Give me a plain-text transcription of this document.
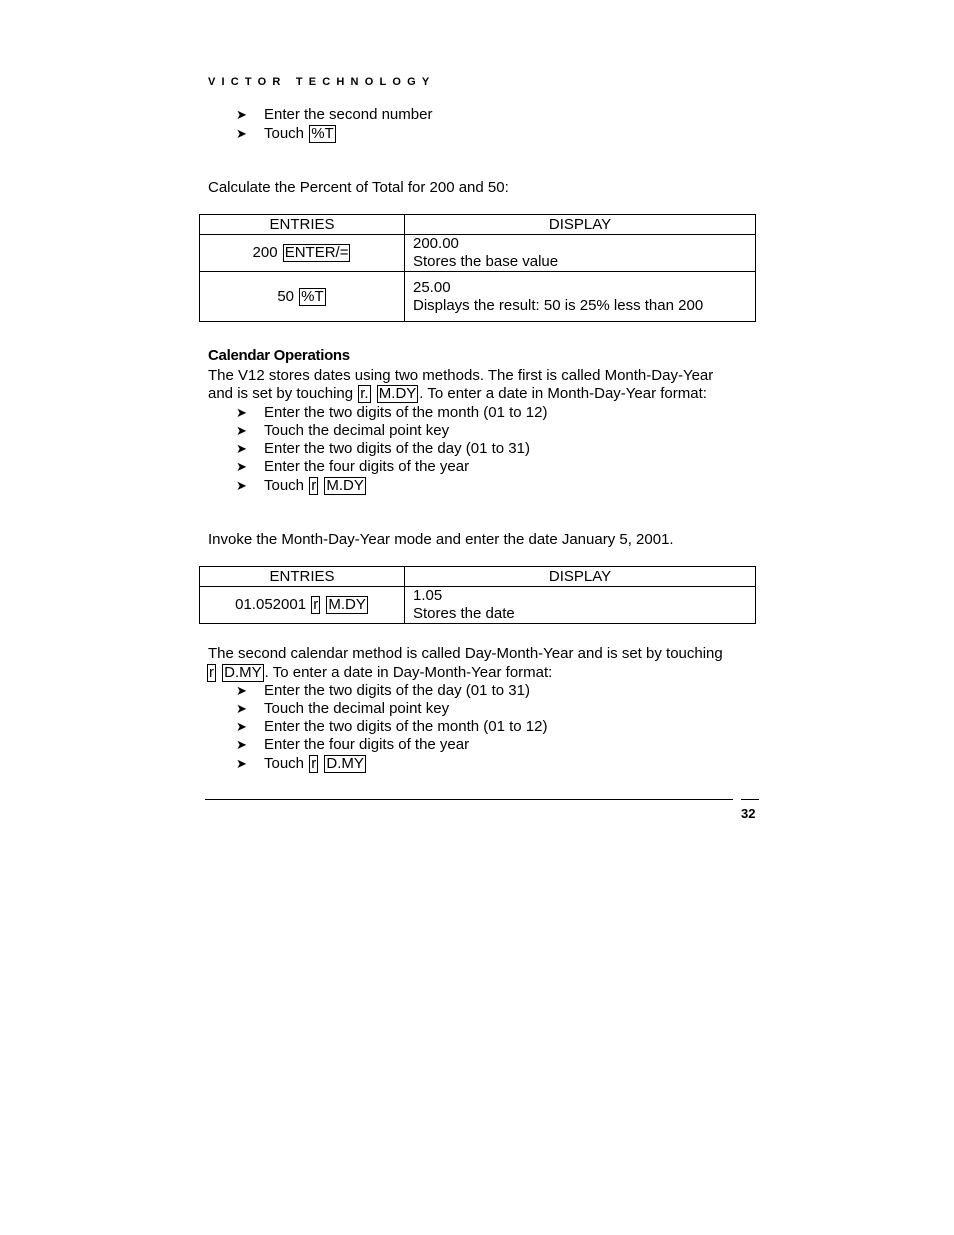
VICTOR TECHNOLOGY
➤ Enter the second number
➤ Touch %T
Calculate the Percent of Total for 200 and 50:
ENTRIES	DISPLAY
200 ENTER/=	200.00
Stores the base value

50 %T	25.00
Displays the result: 50 is 25% less than 200
Calendar Operations
The V12 stores dates using two methods. The first is called Month-Day-Year
and is set by touching r. M.DY . To enter a date in Month-Day-Year format:
➤ Enter the two digits of the month (01 to 12)
➤ Touch the decimal point key
➤ Enter the two digits of the day (01 to 31)
➤ Enter the four digits of the year
➤ Touch r M.DY
Invoke the Month-Day-Year mode and enter the date January 5, 2001.
ENTRIES	DISPLAY
01.052001 r M.DY	1.05
Stores the date
The second calendar method is called Day-Month-Year and is set by touching
r D.MY . To enter a date in Day-Month-Year format:
➤ Enter the two digits of the day (01 to 31)
➤ Touch the decimal point key
➤ Enter the two digits of the month (01 to 12)
➤ Enter the four digits of the year
➤ Touch r D.MY
32
